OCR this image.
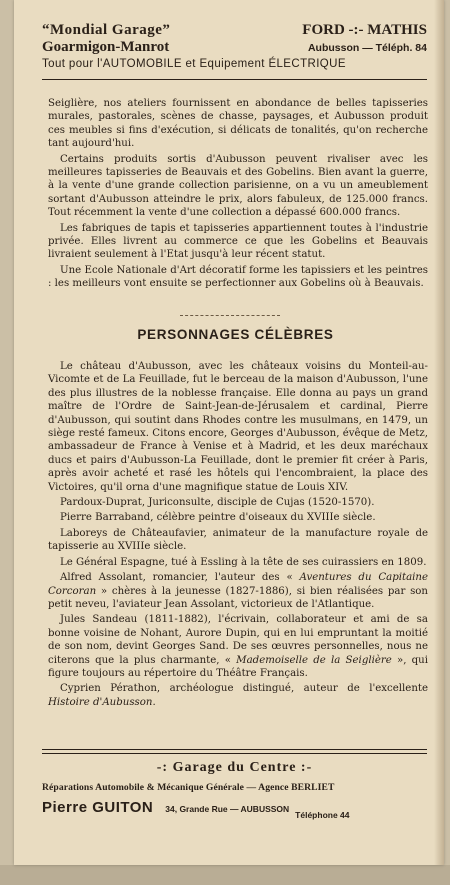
“Mondial Garage”	FORD -:- MATHIS
Goarmigon-Manrot	Aubusson — Téléph. 84
Tout pour l'AUTOMOBILE et Equipement ÉLECTRIQUE

Seiglière, nos ateliers fournissent en abondance de belles tapisseries murales, pastorales, scènes de chasse, paysages, et Aubusson produit ces meubles si fins d'exécution, si délicats de tonalités, qu'on recherche tant aujourd'hui.

Certains produits sortis d'Aubusson peuvent rivaliser avec les meilleures tapisseries de Beauvais et des Gobelins. Bien avant la guerre, à la vente d'une grande collection parisienne, on a vu un ameublement sortant d'Aubusson atteindre le prix, alors fabuleux, de 125.000 francs. Tout récemment la vente d'une collection a dépassé 600.000 francs.

Les fabriques de tapis et tapisseries appartiennent toutes à l'industrie privée. Elles livrent au commerce ce que les Gobelins et Beauvais livraient seulement à l'Etat jusqu'à leur récent statut.

Une Ecole Nationale d'Art décoratif forme les tapissiers et les peintres : les meilleurs vont ensuite se perfectionner aux Gobelins où à Beauvais.

PERSONNAGES CÉLÈBRES

Le château d'Aubusson, avec les châteaux voisins du Monteil-au-Vicomte et de La Feuillade, fut le berceau de la maison d'Aubusson, l'une des plus illustres de la noblesse française. Elle donna au pays un grand maître de l'Ordre de Saint-Jean-de-Jérusalem et cardinal, Pierre d'Aubusson, qui soutint dans Rhodes contre les musulmans, en 1479, un siège resté fameux. Citons encore, Georges d'Aubusson, évêque de Metz, ambassadeur de France à Venise et à Madrid, et les deux maréchaux ducs et pairs d'Aubusson-La Feuillade, dont le premier fit créer à Paris, après avoir acheté et rasé les hôtels qui l'encombraient, la place des Victoires, qu'il orna d'une magnifique statue de Louis XIV.

Pardoux-Duprat, Juriconsulte, disciple de Cujas (1520-1570).

Pierre Barraband, célèbre peintre d'oiseaux du XVIIIe siècle.

Laboreys de Châteaufavier, animateur de la manufacture royale de tapisserie au XVIIIe siècle.

Le Général Espagne, tué à Essling à la tête de ses cuirassiers en 1809.

Alfred Assolant, romancier, l'auteur des « Aventures du Capitaine Corcoran » chères à la jeunesse (1827-1886), si bien réalisées par son petit neveu, l'aviateur Jean Assolant, victorieux de l'Atlantique.

Jules Sandeau (1811-1882), l'écrivain, collaborateur et ami de sa bonne voisine de Nohant, Aurore Dupin, qui en lui empruntant la moitié de son nom, devint Georges Sand. De ses œuvres personnelles, nous ne citerons que la plus charmante, « Mademoiselle de la Seiglière », qui figure toujours au répertoire du Théâtre Français.

Cyprien Pérathon, archéologue distingué, auteur de l'excellente Histoire d'Aubusson.

-: Garage du Centre :-
Réparations Automobile & Mécanique Générale — Agence BERLIET
Pierre GUITON 34, Grande Rue — AUBUSSON
Téléphone 44
